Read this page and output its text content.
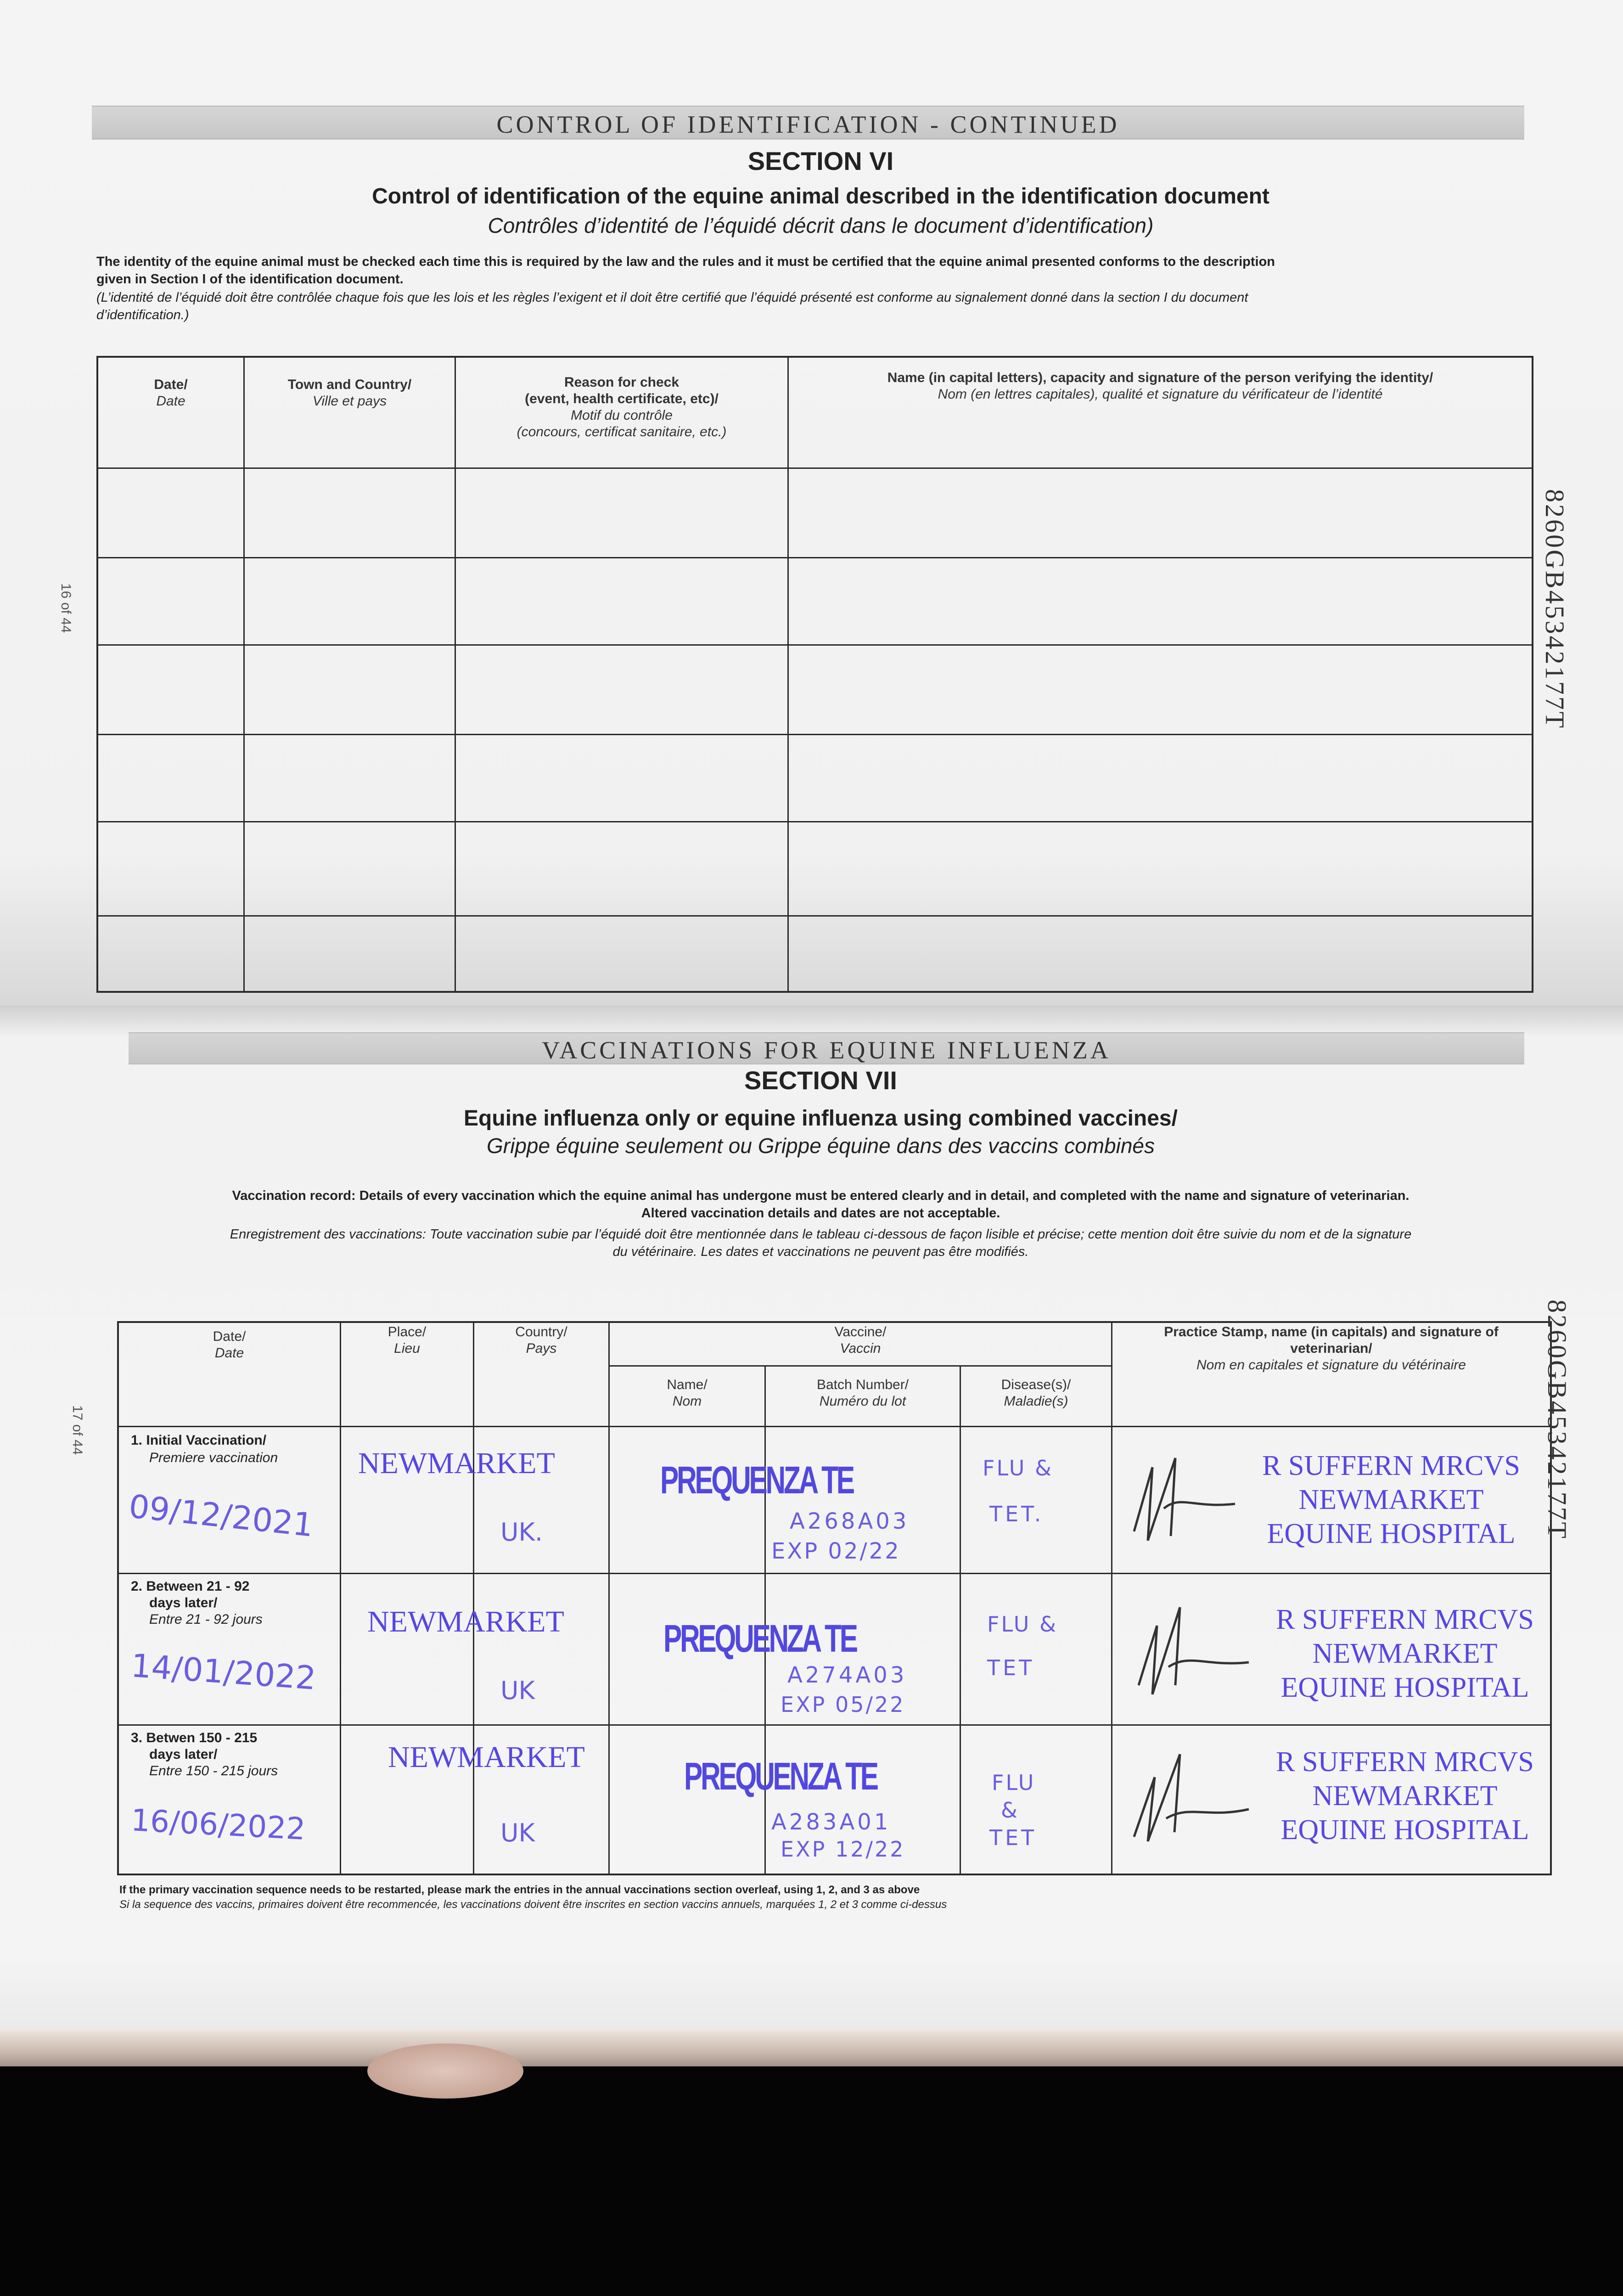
CONTROL OF IDENTIFICATION - CONTINUED
SECTION VI
Control of identification of the equine animal described in the identification document
Contrôles d’identité de l’équidé décrit dans le document d’identification)
The identity of the equine animal must be checked each time this is required by the law and the rules and it must be certified that the equine animal presented conforms to the description
given in Section I of the identification document.
(L’identité de l’équidé doit être contrôlée chaque fois que les lois et les règles l’exigent et il doit être certifié que l’équidé présenté est conforme au signalement donné dans la section I du document
d’identification.)
Date/
Date
Town and Country/
Ville et pays
Reason for check
(event, health certificate, etc)/
Motif du contrôle
(concours, certificat sanitaire, etc.)
Name (in capital letters), capacity and signature of the person verifying the identity/
Nom (en lettres capitales), qualité et signature du vérificateur de l’identité
16 of 44	8260GB45342177T
VACCINATIONS FOR EQUINE INFLUENZA
SECTION VII
Equine influenza only or equine influenza using combined vaccines/
Grippe équine seulement ou Grippe équine dans des vaccins combinés
Vaccination record: Details of every vaccination which the equine animal has undergone must be entered clearly and in detail, and completed with the name and signature of veterinarian.
Altered vaccination details and dates are not acceptable.
Enregistrement des vaccinations: Toute vaccination subie par l’équidé doit être mentionnée dans le tableau ci-dessous de façon lisible et précise; cette mention doit être suivie du nom et de la signature
du vétérinaire. Les dates et vaccinations ne peuvent pas être modifiés.
Date/
Date
Place/
Lieu
Country/
Pays
Vaccine/
Vaccin
Name/
Nom
Batch Number/
Numéro du lot
Disease(s)/
Maladie(s)
Practice Stamp, name (in capitals) and signature of
veterinarian/
Nom en capitales et signature du vétérinaire
1. Initial Vaccination/
Premiere vaccination
09/12/2021
NEWMARKET
UK.
PREQUENZA TE
A268A03
EXP 02/22
FLU &
TET.
R SUFFERN MRCVS
NEWMARKET
EQUINE HOSPITAL
2. Between 21 - 92
days later/
Entre 21 - 92 jours
14/01/2022
NEWMARKET
UK
PREQUENZA TE
A274A03
EXP 05/22
FLU &
TET
R SUFFERN MRCVS
NEWMARKET
EQUINE HOSPITAL
3. Betwen 150 - 215
days later/
Entre 150 - 215 jours
16/06/2022
NEWMARKET
UK
PREQUENZA TE
A283A01
EXP 12/22
FLU
&
TET
R SUFFERN MRCVS
NEWMARKET
EQUINE HOSPITAL
If the primary vaccination sequence needs to be restarted, please mark the entries in the annual vaccinations section overleaf, using 1, 2, and 3 as above
Si la sequence des vaccins, primaires doivent être recommencée, les vaccinations doivent être inscrites en section vaccins annuels, marquées 1, 2 et 3 comme ci-dessus
17 of 44	8260GB45342177T
